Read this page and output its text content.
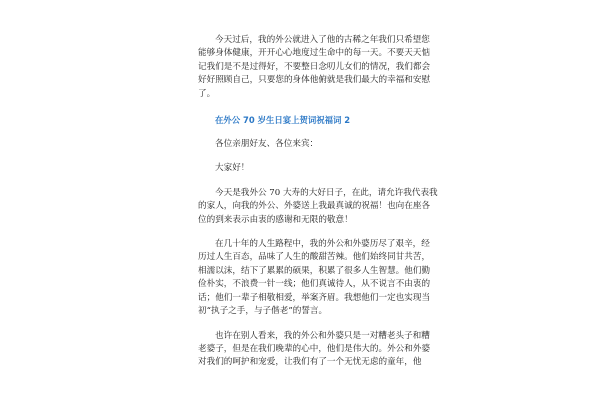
今天过后，我的外公就进入了他的古稀之年我们只希望您
能够身体健康，开开心心地度过生命中的每一天。不要天天惦
记我们是不是过得好，不要整日念叨儿女们的情况，我们都会
好好照顾自己，只要您的身体他俯就是我们最大的幸福和安慰
了。

在外公 70 岁生日宴上贺词祝福词 2

各位亲朋好友、各位来宾：

大家好！

今天是我外公 70 大寿的大好日子，在此，请允许我代表我
的家人，向我的外公、外婆送上我最真诚的祝福！也向在座各
位的到来表示由衷的感谢和无限的敬意！

在几十年的人生路程中，我的外公和外婆历尽了艰辛，经
历过人生百态，品味了人生的酸甜苦辣。他们始终同甘共苦，
相濡以沫，结下了累累的硕果，积累了很多人生智慧。他们勤
俭朴实，不浪费一针一线；他们真诚待人，从不说言不由衷的
话；他们一辈子相敬相爱，举案齐眉。我想他们一定也实现当
初“执子之手，与子偕老”的誓言。

也许在别人看来，我的外公和外婆只是一对糟老头子和糟
老婆子，但是在我们晚辈的心中，他们是伟大的。外公和外婆
对我们的呵护和宠爱，让我们有了一个无忧无虑的童年，他
